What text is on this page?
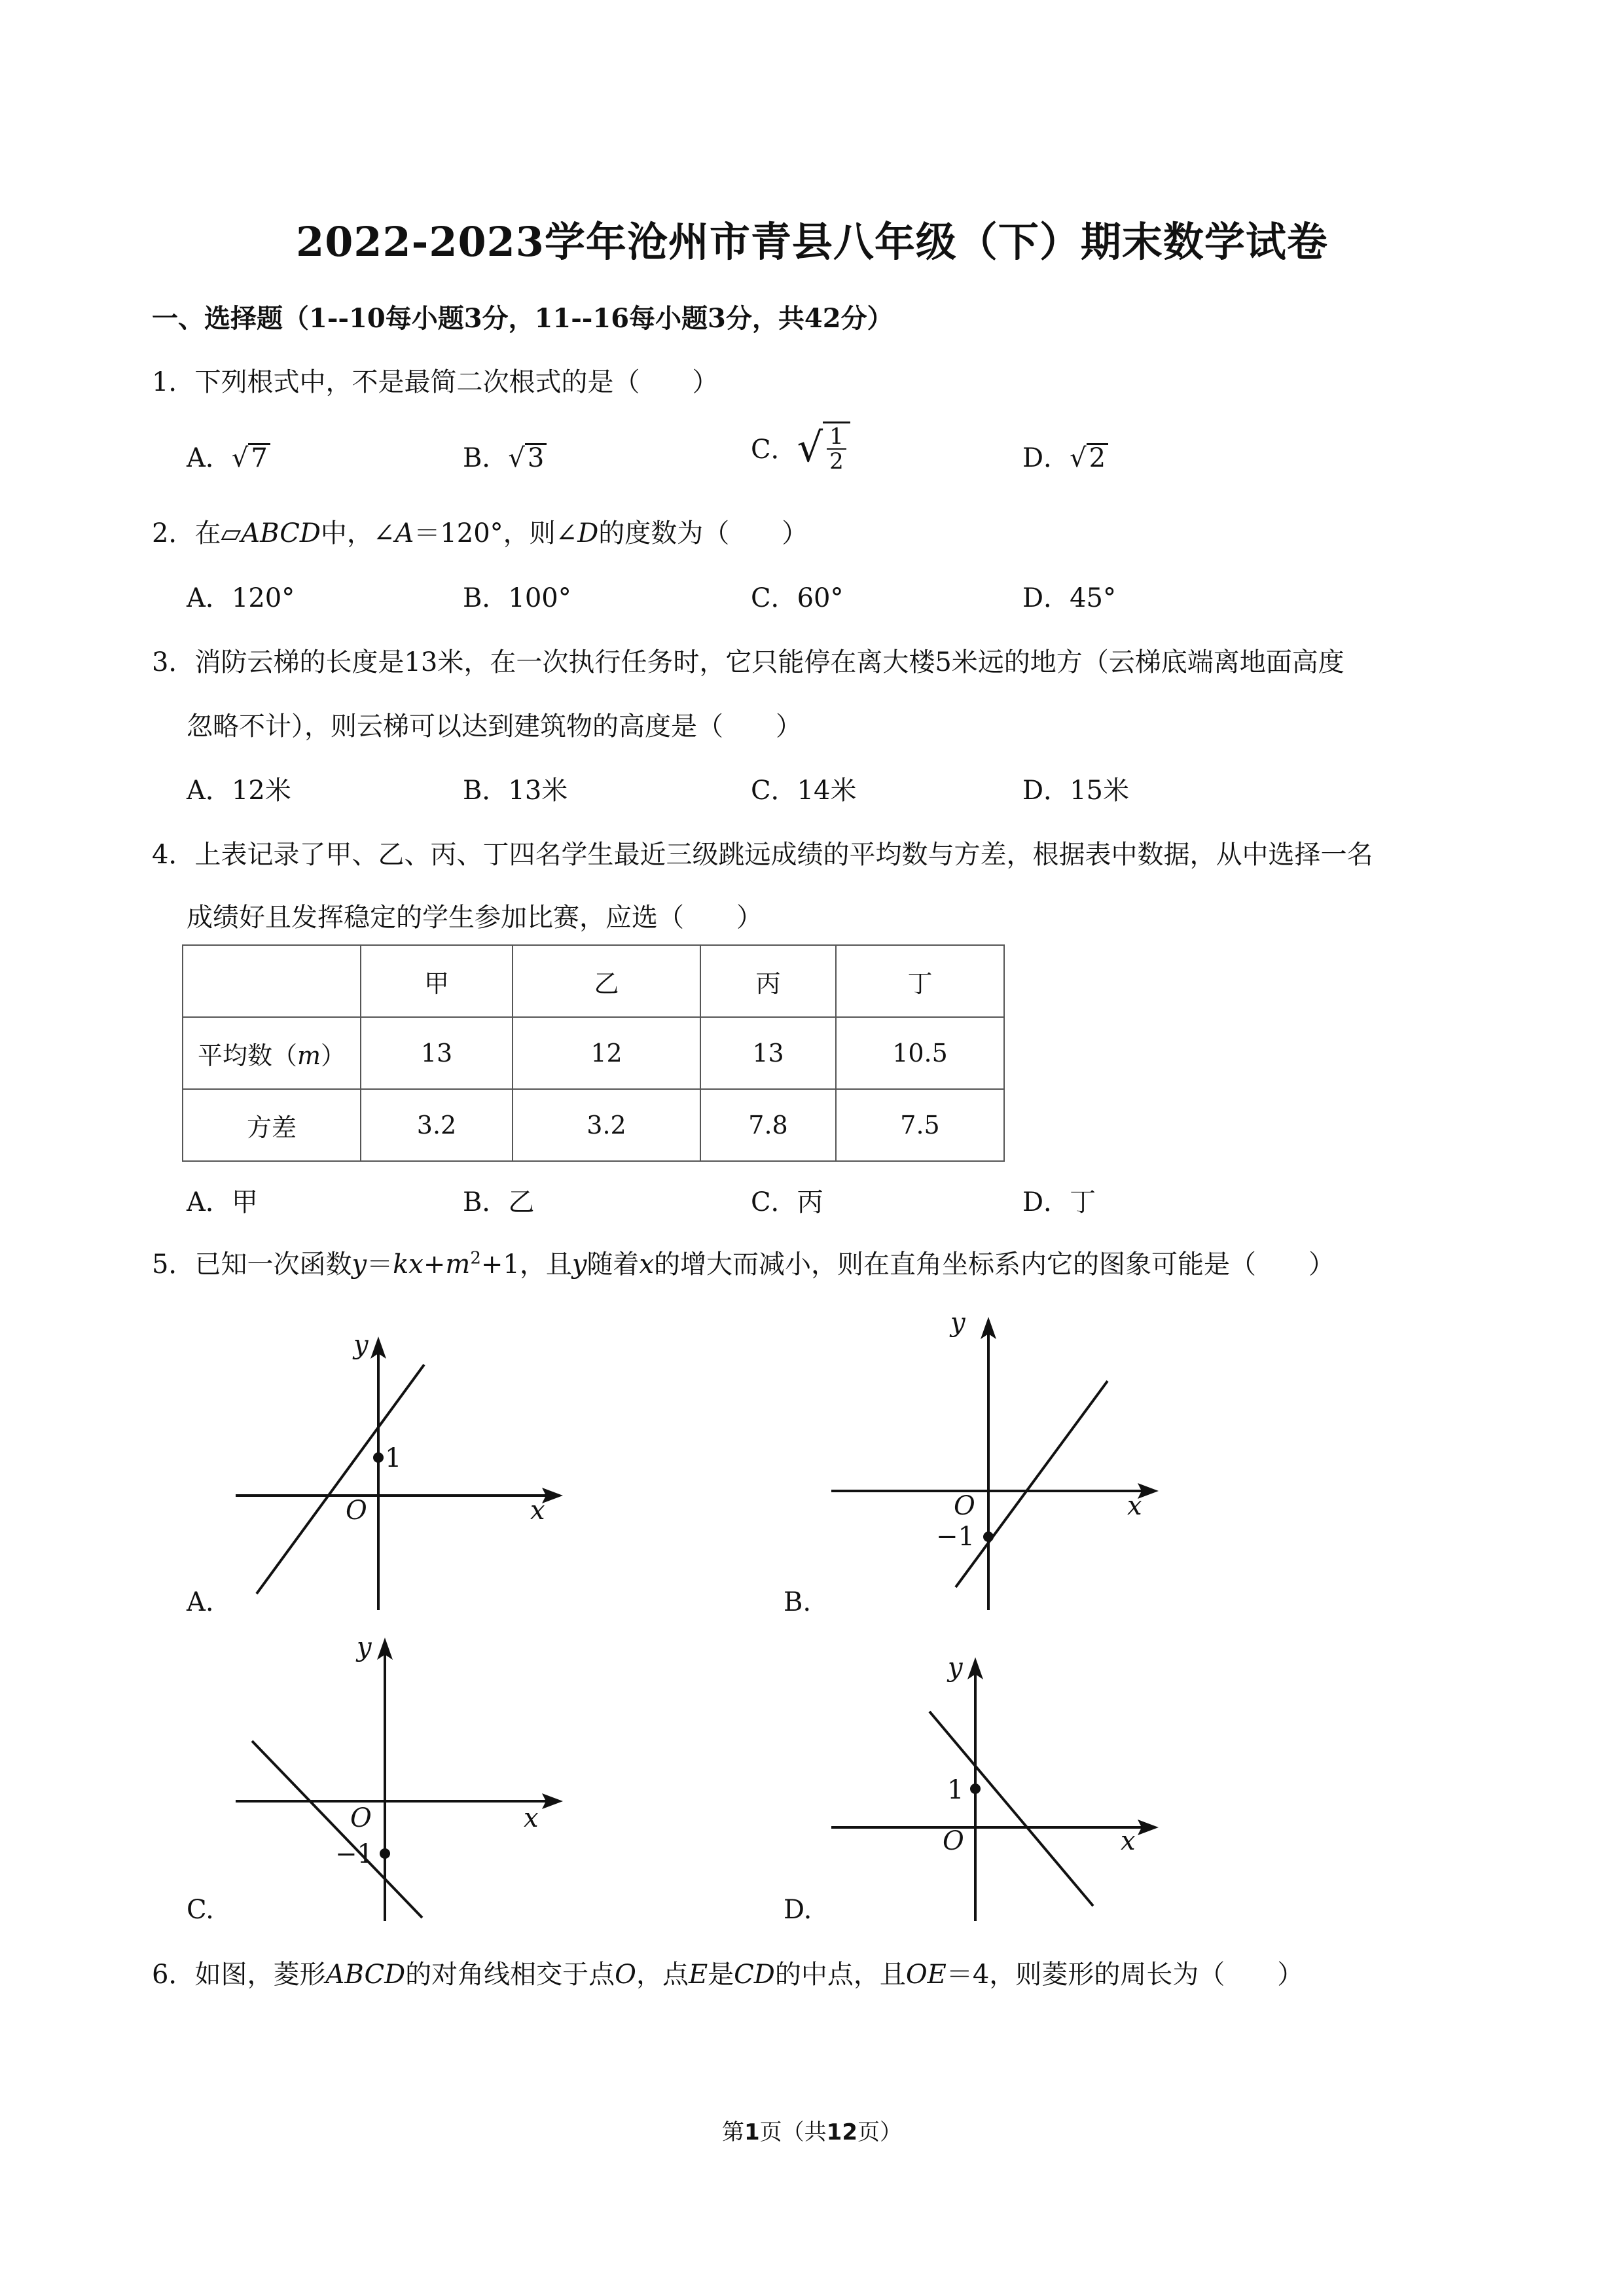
2022-2023学年沧州市青县八年级（下）期末数学试卷
一、选择题（1--10每小题3分，11--16每小题3分，共42分）
1．下列根式中，不是最简二次根式的是（　　）
A．√ 7	B．√ 3	C．√ $\frac{1}{2}$	D．√ 2
2．在▱ABCD中，∠A＝120°，则∠D的度数为（　　）
A．120°	B．100°	C．60°	D．45°
3．消防云梯的长度是13米，在一次执行任务时，它只能停在离大楼5米远的地方（云梯底端离地面高度
忽略不计），则云梯可以达到建筑物的高度是（　　）
A．12米	B．13米	C．14米	D．15米
4．上表记录了甲、乙、丙、丁四名学生最近三级跳远成绩的平均数与方差，根据表中数据，从中选择一名
成绩好且发挥稳定的学生参加比赛，应选（　　）
	甲	乙	丙	丁
平均数（m）	13	12	13	10.5
方差	3.2	3.2	7.8	7.5
A．甲	B．乙	C．丙	D．丁
5．已知一次函数$y=kx+m^2+1$，且y随着x的增大而减小，则在直角坐标系内它的图象可能是（　　）
y
x
O
1
A.
y
x
O
−1
B.
y
x
O
−1
C.
y
x
O
1
D.
6．如图，菱形ABCD的对角线相交于点O，点E是CD的中点，且OE＝4，则菱形的周长为（　　）
第1页（共12页）
